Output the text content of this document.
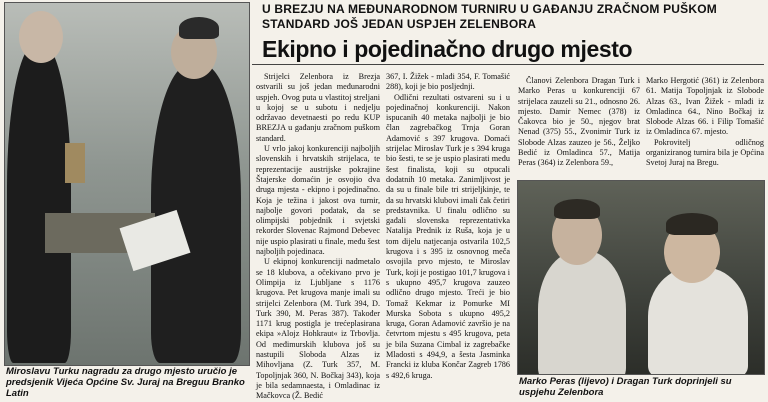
Miroslavu Turku nagradu za drugo mjesto uručio je predsjenik Vijeća Općine Sv. Juraj na Breguu Branko Latin
U BREZJU NA MEĐUNARODNOM TURNIRU U GAĐANJU ZRAČNOM PUŠKOM STANDARD JOŠ JEDAN USPJEH ZELENBORA
Ekipno i pojedinačno drugo mjesto

Strijelci Zelenbora iz Brezja ostvarili su još jedan međunarodni uspjeh. Ovog puta u vlastitoj streljani u kojoj se u subotu i nedjelju održavao devetnaesti po redu KUP BREZJA u gađanju zračnom puškom standard.

U vrlo jakoj konkurenciji najboljih slovenskih i hrvatskih strijelaca, te reprezentacije austrijske pokrajine Štajerske domaćin je osvojio dva druga mjesta - ekipno i pojedinačno. Koja je težina i jakost ova turnir, najbolje govori podatak, da se olimpijski pobjednik i svjetski rekorder Slovenac Rajmond Debevec nije uspio plasirati u finale, među šest najboljih pojedinaca.

U ekipnoj konkurenciji nadmetalo se 18 klubova, a očekivano prvo je Olimpija iz Ljubljane s 1176 krugova. Pet krugova manje imali su strijelci Zelenbora (M. Turk 394, D. Turk 390, M. Peras 387). Također 1171 krug postigla je trećeplasirana ekipa »Alojz Hohkraut« iz Trbovlja. Od međimurskih klubova još su nastupili Sloboda Alzas iz Mihovljana (Z. Turk 357, M. Topoljnjak 360, N. Bočkaj 343), koja je bila sedamnaesta, i Omladinac iz Mačkovca (Ž. Bedić

367, I. Žižek - mlađi 354, F. Tomašić 288), koji je bio posljednji.

Odlični rezultati ostvareni su i u pojedinačnoj konkurenciji. Nakon ispucanih 40 metaka najbolji je bio član zagrebačkog Trnja Goran Adamović s 397 krugova. Domaći strijelac Miroslav Turk je s 394 kruga bio šesti, te se je uspio plasirati među šest finalista, koji su otpucali dodatnih 10 metaka. Zanimljivost je da su u finale bile tri strijeljkinje, te da su hrvatski klubovi imali čak četiri predstavnika. U finalu odlično su gađali slovenska reprezentativka Natalija Prednik iz Ruša, koja je u tom dijelu natjecanja ostvarila 102,5 krugova i s 395 iz osnovnog meča osvojila prvo mjesto, te Miroslav Turk, koji je postigao 101,7 krugova i s ukupno 495,7 krugova zauzeo odlično drugo mjesto. Treći je bio Tomaž Kekmar iz Pomurke MI Murska Sobota s ukupno 495,2 kruga, Goran Adamović završio je na četvrtom mjestu s 495 krugova, peta je bila Suzana Cimbal iz zagrebačke Mladosti s 494,9, a šesta Jasminka Francki iz kluba Končar Zagreb 1786 s 492,6 kruga.

Članovi Zelenbora Dragan Turk i Marko Peras u konkurenciji 67 strijelaca zauzeli su 21., odnosno 26. mjesto. Damir Nemec (378) iz Čakovca bio je 50., njegov brat Nenad (375) 55., Zvonimir Turk iz Slobode Alzas zauzeo je 56., Željko Bedić iz Omladinca 57., Matija Peras (364) iz Zelenbora 59.,

Marko Hergotić (361) iz Zelenbora 61. Matija Topoljnjak iz Slobode Alzas 63., Ivan Žižek - mlađi iz Omladinca 64., Nino Bočkaj iz Slobode Alzas 66. i Filip Tomašić iz Omladinca 67. mjesto.

Pokrovitelj odličnog organiziranog turnira bila je Općina Svetoj Juraj na Bregu.

Marko Peras (lijevo) i Dragan Turk doprinjeli su uspjehu Zelenbora
